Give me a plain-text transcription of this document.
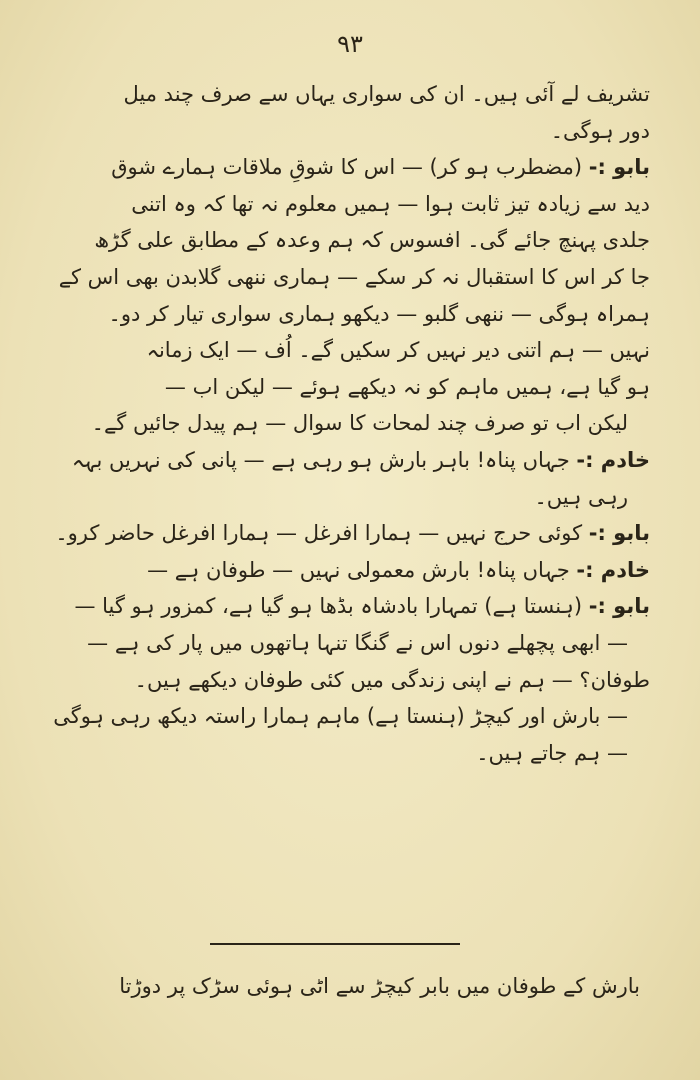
۹۳
تشریف لے آئی ہیں۔ ان کی سواری یہاں سے صرف چند میل
دور ہوگی۔
بابو :- (مضطرب ہو کر) — اس کا شوقِ ملاقات ہمارے شوق
دید سے زیادہ تیز ثابت ہوا — ہمیں معلوم نہ تھا کہ وہ اتنی
جلدی پہنچ جائے گی۔ افسوس کہ ہم وعدہ کے مطابق علی گڑھ
جا کر اس کا استقبال نہ کر سکے — ہماری ننھی گلابدن بھی اس کے
ہمراہ ہوگی — ننھی گلبو — دیکھو ہماری سواری تیار کر دو۔
نہیں — ہم اتنی دیر نہیں کر سکیں گے۔ اُف — ایک زمانہ
ہو گیا ہے، ہمیں ماہم کو نہ دیکھے ہوئے — لیکن اب —
لیکن اب تو صرف چند لمحات کا سوال — ہم پیدل جائیں گے۔
خادم :- جہاں پناہ! باہر بارش ہو رہی ہے — پانی کی نہریں بہہ
رہی ہیں۔
بابو :- کوئی حرج نہیں — ہمارا افرغل — ہمارا افرغل حاضر کرو۔
خادم :- جہاں پناہ! بارش معمولی نہیں — طوفان ہے —
بابو :- (ہنستا ہے) تمہارا بادشاہ بڈھا ہو گیا ہے، کمزور ہو گیا —
— ابھی پچھلے دنوں اس نے گنگا تنہا ہاتھوں میں پار کی ہے —
طوفان؟ — ہم نے اپنی زندگی میں کئی طوفان دیکھے ہیں۔
— بارش اور کیچڑ (ہنستا ہے) ماہم ہمارا راستہ دیکھ رہی ہوگی
— ہم جاتے ہیں۔
بارش کے طوفان میں بابر کیچڑ سے اٹی ہوئی سڑک پر دوڑتا
